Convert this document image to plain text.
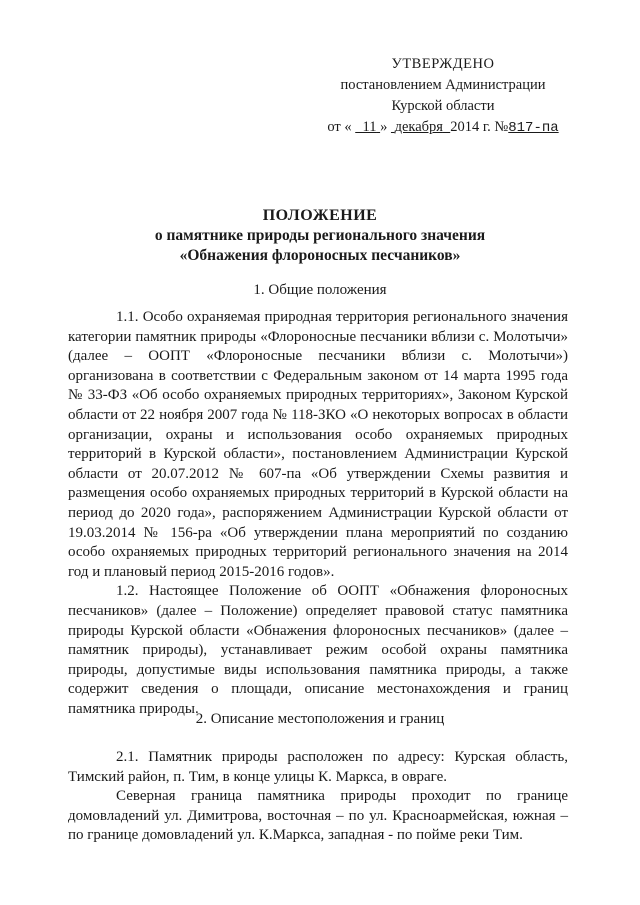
УТВЕРЖДЕНО
постановлением Администрации
Курской области
от « 11 » декабря 2014 г. №817-па
ПОЛОЖЕНИЕ
о памятнике природы регионального значения
«Обнажения флороносных песчаников»
1. Общие положения

1.1. Особо охраняемая природная территория регионального значения категории памятник природы «Флороносные песчаники вблизи с. Молотычи» (далее – ООПТ «Флороносные песчаники вблизи с. Молотычи») организована в соответствии с Федеральным законом от 14 марта 1995 года № 33-ФЗ «Об особо охраняемых природных территориях», Законом Курской области от 22 ноября 2007 года № 118-ЗКО «О некоторых вопросах в области организации, охраны и использования особо охраняемых природных территорий в Курской области», постановлением Администрации Курской области от 20.07.2012 № 607-па «Об утверждении Схемы развития и размещения особо охраняемых природных территорий в Курской области на период до 2020 года», распоряжением Администрации Курской области от 19.03.2014 № 156-ра «Об утверждении плана мероприятий по созданию особо охраняемых природных территорий регионального значения на 2014 год и плановый период 2015-2016 годов».

1.2. Настоящее Положение об ООПТ «Обнажения флороносных песчаников» (далее – Положение) определяет правовой статус памятника природы Курской области «Обнажения флороносных песчаников» (далее – памятник природы), устанавливает режим особой охраны памятника природы, допустимые виды использования памятника природы, а также содержит сведения о площади, описание местонахождения и границ памятника природы.

2. Описание местоположения и границ

2.1. Памятник природы расположен по адресу: Курская область, Тимский район, п. Тим, в конце улицы К. Маркса, в овраге.

Северная граница памятника природы проходит по границе домовладений ул. Димитрова, восточная – по ул. Красноармейская, южная – по границе домовладений ул. К.Маркса, западная - по пойме реки Тим.
